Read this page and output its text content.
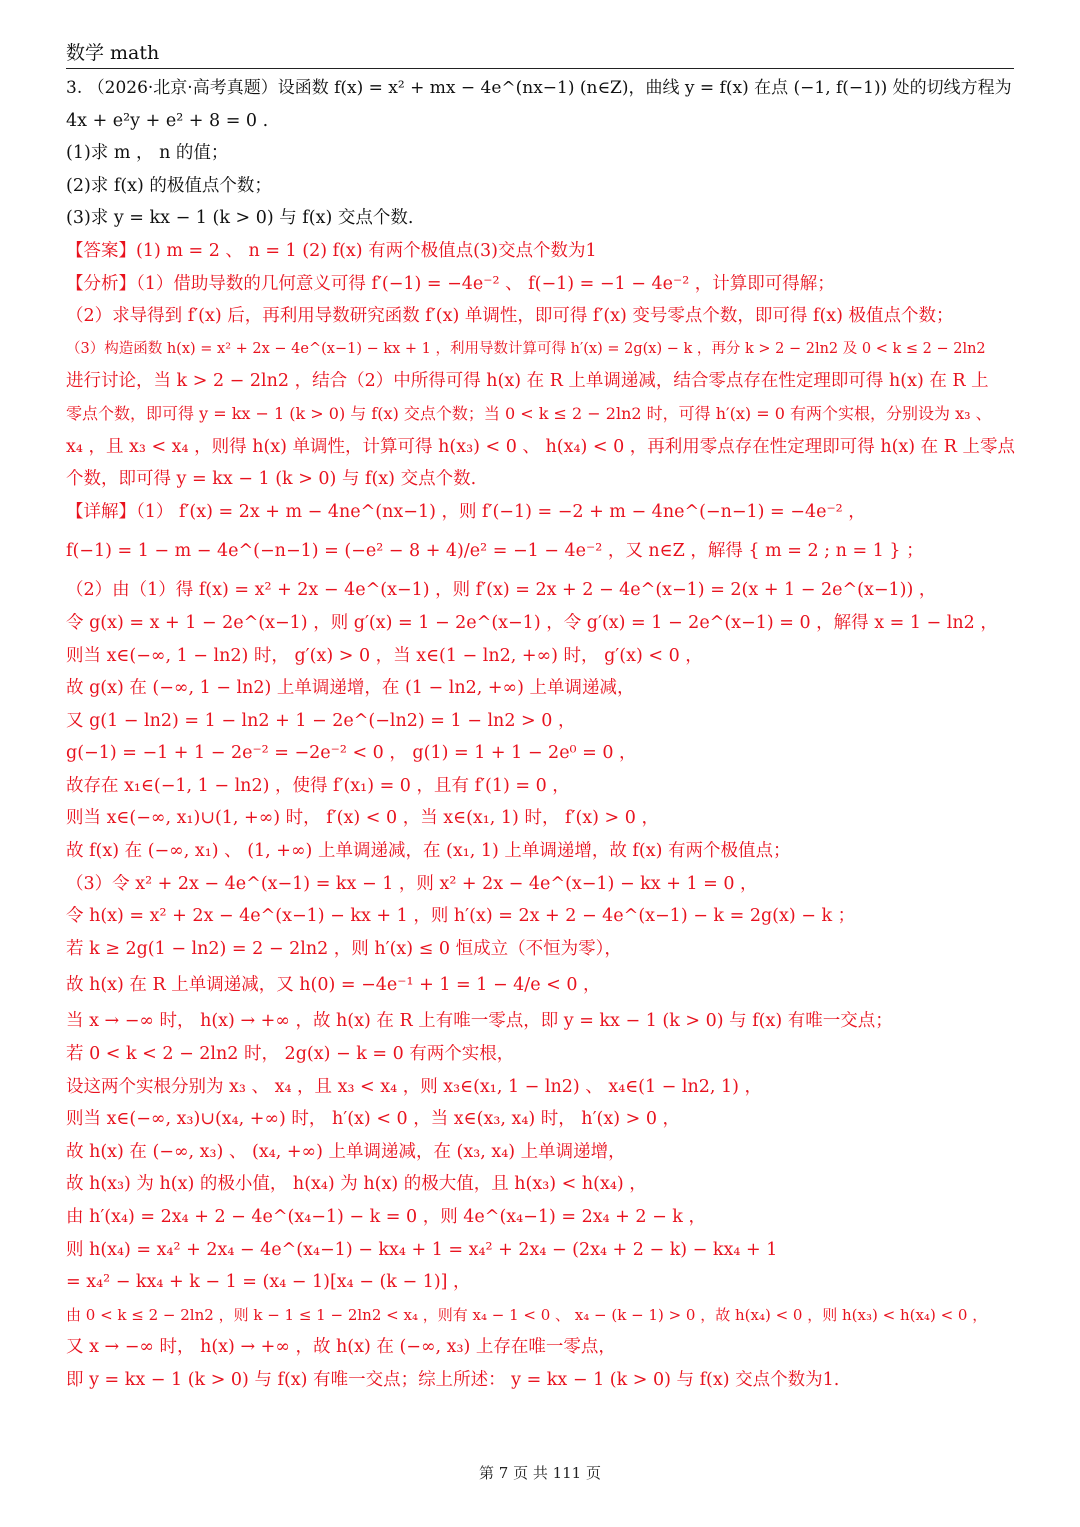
数学 math
3. （2026·北京·高考真题）设函数 f(x) = x² + mx − 4e^(nx−1) (n∈Z)，曲线 y = f(x) 在点 (−1, f(−1)) 处的切线方程为
4x + e²y + e² + 8 = 0 .
(1)求 m ， n 的值；
(2)求 f(x) 的极值点个数；
(3)求 y = kx − 1 (k > 0) 与 f(x) 交点个数.
【答案】(1) m = 2 、 n = 1 (2) f(x) 有两个极值点(3)交点个数为1
【分析】（1）借助导数的几何意义可得 f′(−1) = −4e⁻² 、 f(−1) = −1 − 4e⁻² ，计算即可得解；
（2）求导得到 f′(x) 后，再利用导数研究函数 f′(x) 单调性，即可得 f′(x) 变号零点个数，即可得 f(x) 极值点个数；
（3）构造函数 h(x) = x² + 2x − 4e^(x−1) − kx + 1 ，利用导数计算可得 h′(x) = 2g(x) − k ，再分 k > 2 − 2ln2 及 0 < k ≤ 2 − 2ln2
进行讨论，当 k > 2 − 2ln2 ，结合（2）中所得可得 h(x) 在 R 上单调递减，结合零点存在性定理即可得 h(x) 在 R 上
零点个数，即可得 y = kx − 1 (k > 0) 与 f(x) 交点个数；当 0 < k ≤ 2 − 2ln2 时，可得 h′(x) = 0 有两个实根，分别设为 x₃ 、
x₄ ，且 x₃ < x₄ ，则得 h(x) 单调性，计算可得 h(x₃) < 0 、 h(x₄) < 0 ，再利用零点存在性定理即可得 h(x) 在 R 上零点
个数，即可得 y = kx − 1 (k > 0) 与 f(x) 交点个数.
【详解】（1） f′(x) = 2x + m − 4ne^(nx−1) ，则 f′(−1) = −2 + m − 4ne^(−n−1) = −4e⁻² ，
f(−1) = 1 − m − 4e^(−n−1) = (−e² − 8 + 4)/e² = −1 − 4e⁻² ，又 n∈Z ，解得 { m = 2 ; n = 1 } ；
（2）由（1）得 f(x) = x² + 2x − 4e^(x−1) ，则 f′(x) = 2x + 2 − 4e^(x−1) = 2(x + 1 − 2e^(x−1)) ，
令 g(x) = x + 1 − 2e^(x−1) ，则 g′(x) = 1 − 2e^(x−1) ，令 g′(x) = 1 − 2e^(x−1) = 0 ，解得 x = 1 − ln2 ，
则当 x∈(−∞, 1 − ln2) 时， g′(x) > 0 ，当 x∈(1 − ln2, +∞) 时， g′(x) < 0 ，
故 g(x) 在 (−∞, 1 − ln2) 上单调递增，在 (1 − ln2, +∞) 上单调递减，
又 g(1 − ln2) = 1 − ln2 + 1 − 2e^(−ln2) = 1 − ln2 > 0 ，
g(−1) = −1 + 1 − 2e⁻² = −2e⁻² < 0 ， g(1) = 1 + 1 − 2e⁰ = 0 ，
故存在 x₁∈(−1, 1 − ln2) ，使得 f′(x₁) = 0 ，且有 f′(1) = 0 ，
则当 x∈(−∞, x₁)∪(1, +∞) 时， f′(x) < 0 ，当 x∈(x₁, 1) 时， f′(x) > 0 ，
故 f(x) 在 (−∞, x₁) 、 (1, +∞) 上单调递减，在 (x₁, 1) 上单调递增，故 f(x) 有两个极值点；
（3）令 x² + 2x − 4e^(x−1) = kx − 1 ，则 x² + 2x − 4e^(x−1) − kx + 1 = 0 ，
令 h(x) = x² + 2x − 4e^(x−1) − kx + 1 ，则 h′(x) = 2x + 2 − 4e^(x−1) − k = 2g(x) − k ；
若 k ≥ 2g(1 − ln2) = 2 − 2ln2 ，则 h′(x) ≤ 0 恒成立（不恒为零），
故 h(x) 在 R 上单调递减，又 h(0) = −4e⁻¹ + 1 = 1 − 4/e < 0 ，
当 x → −∞ 时， h(x) → +∞ ，故 h(x) 在 R 上有唯一零点，即 y = kx − 1 (k > 0) 与 f(x) 有唯一交点；
若 0 < k < 2 − 2ln2 时， 2g(x) − k = 0 有两个实根，
设这两个实根分别为 x₃ 、 x₄ ，且 x₃ < x₄ ，则 x₃∈(x₁, 1 − ln2) 、 x₄∈(1 − ln2, 1) ，
则当 x∈(−∞, x₃)∪(x₄, +∞) 时， h′(x) < 0 ，当 x∈(x₃, x₄) 时， h′(x) > 0 ，
故 h(x) 在 (−∞, x₃) 、 (x₄, +∞) 上单调递减，在 (x₃, x₄) 上单调递增，
故 h(x₃) 为 h(x) 的极小值， h(x₄) 为 h(x) 的极大值，且 h(x₃) < h(x₄) ，
由 h′(x₄) = 2x₄ + 2 − 4e^(x₄−1) − k = 0 ，则 4e^(x₄−1) = 2x₄ + 2 − k ，
则 h(x₄) = x₄² + 2x₄ − 4e^(x₄−1) − kx₄ + 1 = x₄² + 2x₄ − (2x₄ + 2 − k) − kx₄ + 1
= x₄² − kx₄ + k − 1 = (x₄ − 1)[x₄ − (k − 1)] ，
由 0 < k ≤ 2 − 2ln2 ，则 k − 1 ≤ 1 − 2ln2 < x₄ ，则有 x₄ − 1 < 0 、 x₄ − (k − 1) > 0 ，故 h(x₄) < 0 ，则 h(x₃) < h(x₄) < 0 ，
又 x → −∞ 时， h(x) → +∞ ，故 h(x) 在 (−∞, x₃) 上存在唯一零点，
即 y = kx − 1 (k > 0) 与 f(x) 有唯一交点；综上所述： y = kx − 1 (k > 0) 与 f(x) 交点个数为1.
第 7 页 共 111 页
